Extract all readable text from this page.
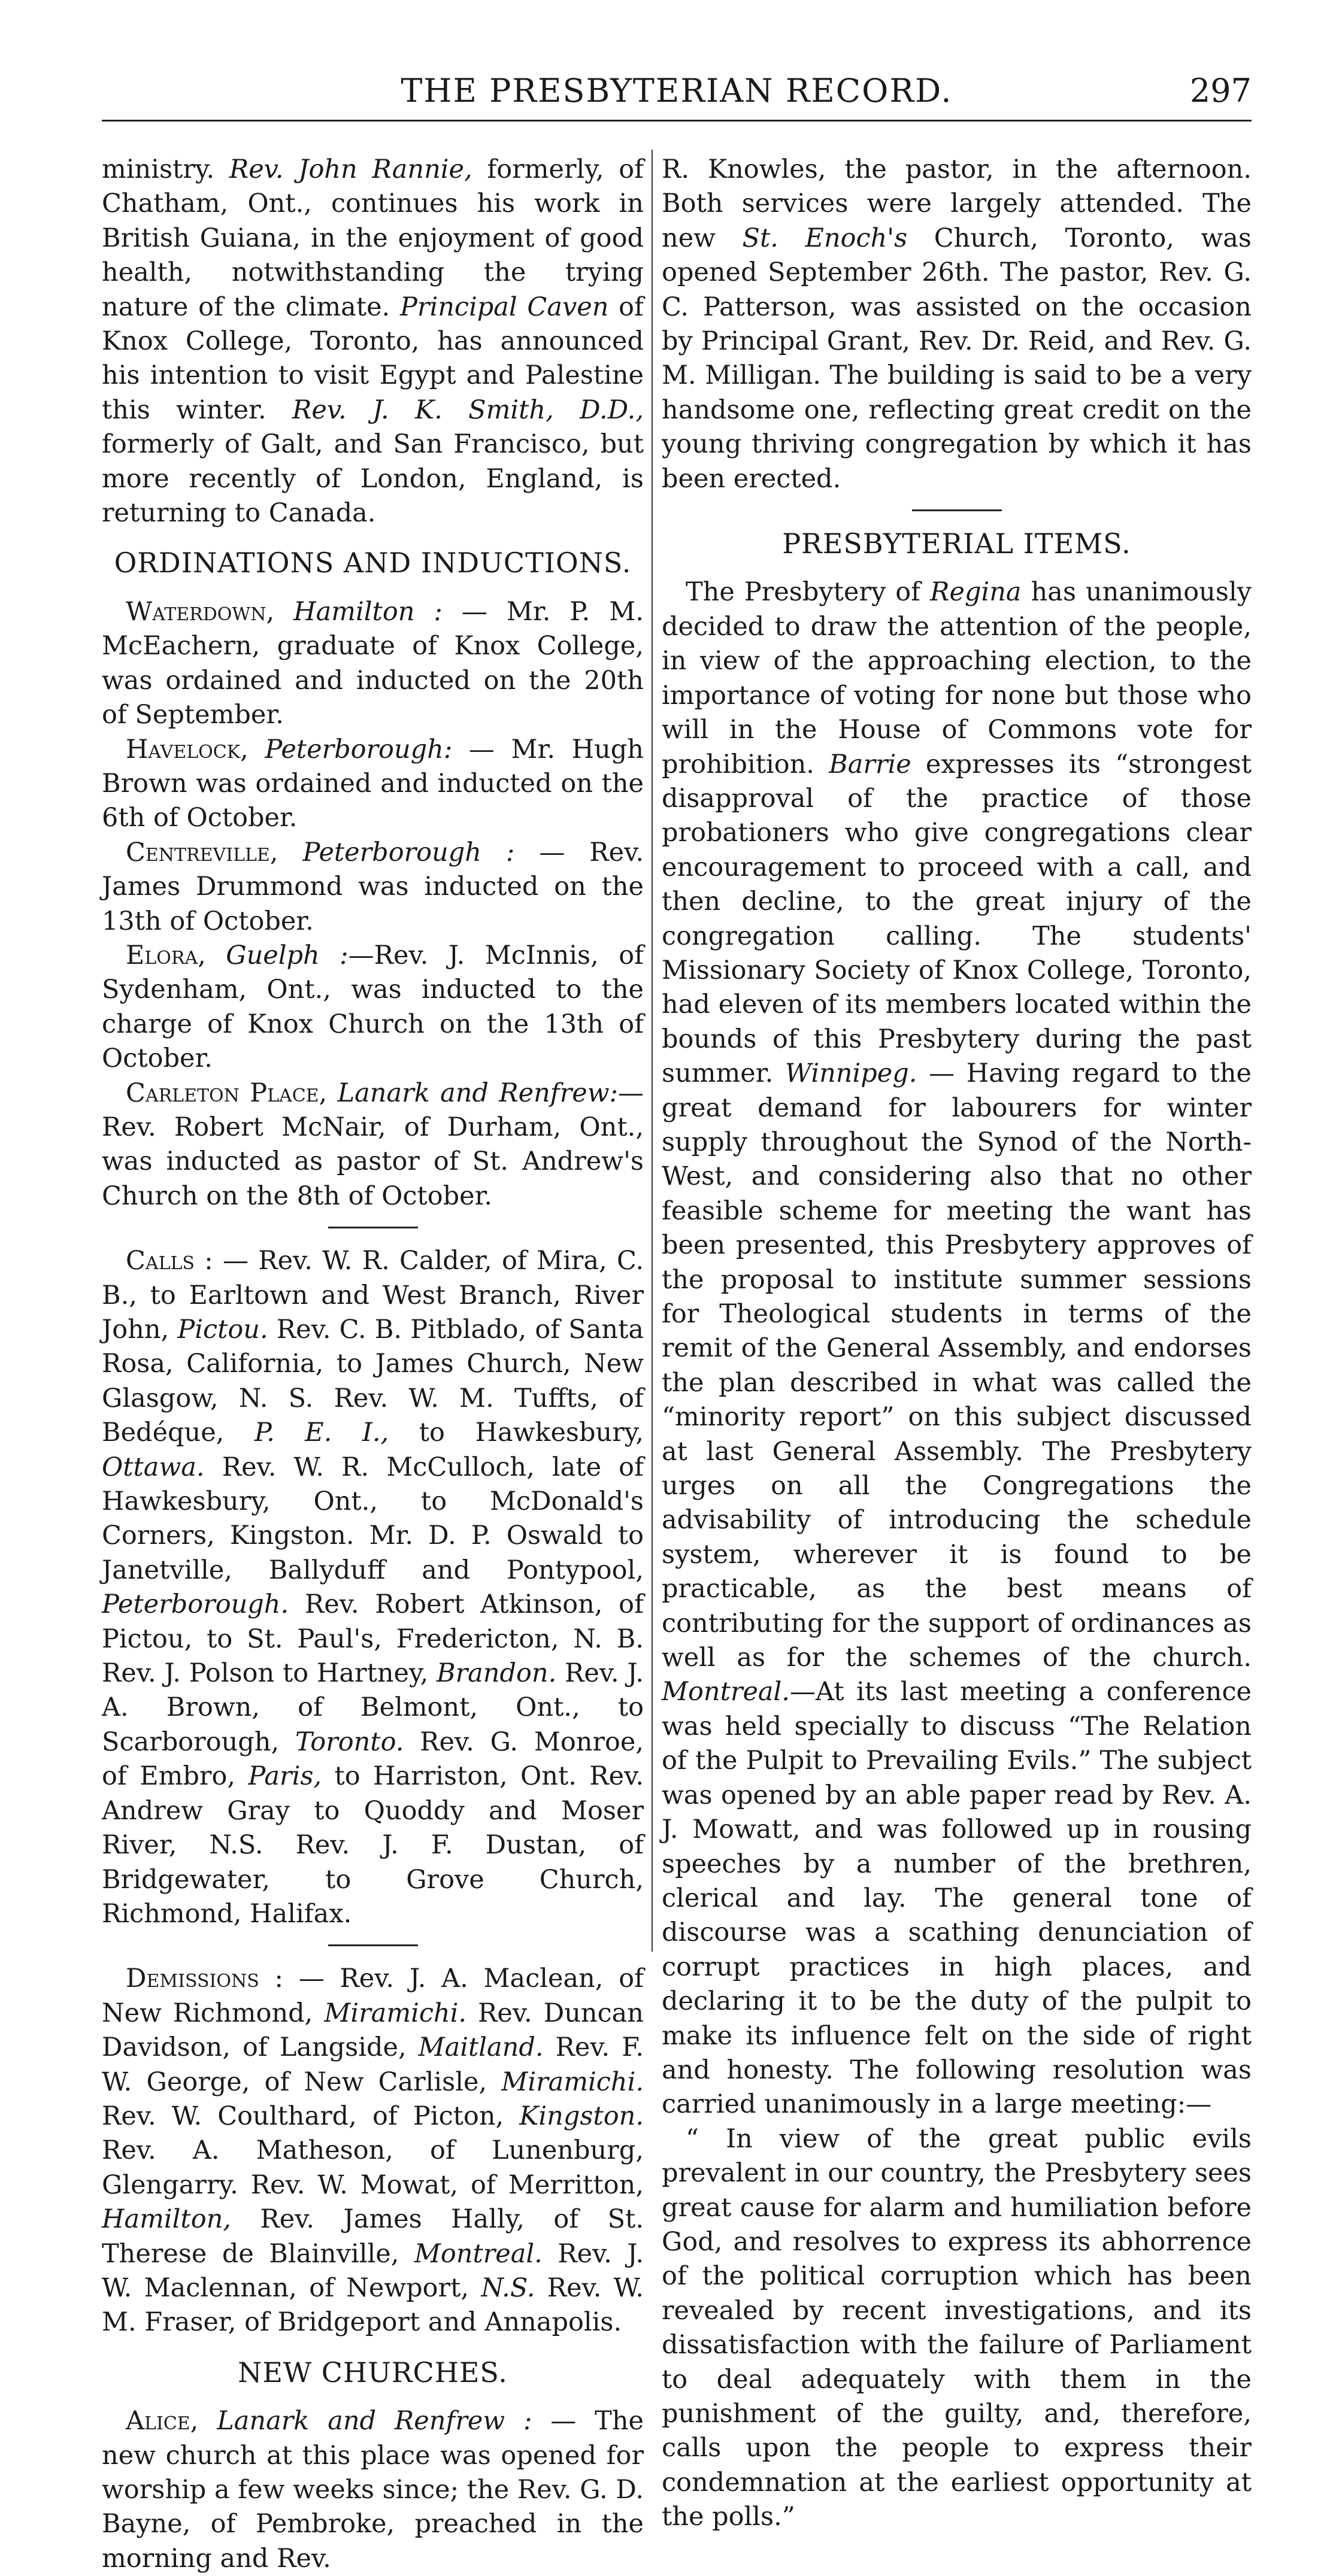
THE PRESBYTERIAN RECORD.	297

ministry. Rev. John Rannie, formerly, of Chatham, Ont., continues his work in British Guiana, in the enjoyment of good health, notwithstanding the trying nature of the climate. Principal Caven of Knox College, Toronto, has announced his intention to visit Egypt and Palestine this winter. Rev. J. K. Smith, D.D., formerly of Galt, and San Francisco, but more recently of London, England, is returning to Canada.

ORDINATIONS AND INDUCTIONS.

Waterdown, Hamilton : — Mr. P. M. McEachern, graduate of Knox College, was ordained and inducted on the 20th of September.

Havelock, Peterborough: — Mr. Hugh Brown was ordained and inducted on the 6th of October.

Centreville, Peterborough : — Rev. James Drummond was inducted on the 13th of October.

Elora, Guelph :—Rev. J. McInnis, of Sydenham, Ont., was inducted to the charge of Knox Church on the 13th of October.

Carleton Place, Lanark and Renfrew:—Rev. Robert McNair, of Durham, Ont., was inducted as pastor of St. Andrew's Church on the 8th of October.

Calls : — Rev. W. R. Calder, of Mira, C. B., to Earltown and West Branch, River John, Pictou. Rev. C. B. Pitblado, of Santa Rosa, California, to James Church, New Glasgow, N. S. Rev. W. M. Tuffts, of Bedéque, P. E. I., to Hawkesbury, Ottawa. Rev. W. R. McCulloch, late of Hawkesbury, Ont., to McDonald's Corners, Kingston. Mr. D. P. Oswald to Janetville, Ballyduff and Pontypool, Peterborough. Rev. Robert Atkinson, of Pictou, to St. Paul's, Fredericton, N. B. Rev. J. Polson to Hartney, Brandon. Rev. J. A. Brown, of Belmont, Ont., to Scarborough, Toronto. Rev. G. Monroe, of Embro, Paris, to Harriston, Ont. Rev. Andrew Gray to Quoddy and Moser River, N.S. Rev. J. F. Dustan, of Bridgewater, to Grove Church, Richmond, Halifax.

Demissions : — Rev. J. A. Maclean, of New Richmond, Miramichi. Rev. Duncan Davidson, of Langside, Maitland. Rev. F. W. George, of New Carlisle, Miramichi. Rev. W. Coulthard, of Picton, Kingston. Rev. A. Matheson, of Lunenburg, Glengarry. Rev. W. Mowat, of Merritton, Hamilton, Rev. James Hally, of St. Therese de Blainville, Montreal. Rev. J. W. Maclennan, of Newport, N.S. Rev. W. M. Fraser, of Bridgeport and Annapolis.

NEW CHURCHES.

Alice, Lanark and Renfrew : — The new church at this place was opened for worship a few weeks since; the Rev. G. D. Bayne, of Pembroke, preached in the morning and Rev.

R. Knowles, the pastor, in the afternoon. Both services were largely attended. The new St. Enoch's Church, Toronto, was opened September 26th. The pastor, Rev. G. C. Patterson, was assisted on the occasion by Principal Grant, Rev. Dr. Reid, and Rev. G. M. Milligan. The building is said to be a very handsome one, reflecting great credit on the young thriving congregation by which it has been erected.

PRESBYTERIAL ITEMS.

The Presbytery of Regina has unanimously decided to draw the attention of the people, in view of the approaching election, to the importance of voting for none but those who will in the House of Commons vote for prohibition. Barrie expresses its “strongest disapproval of the practice of those probationers who give congregations clear encouragement to proceed with a call, and then decline, to the great injury of the congregation calling. The students' Missionary Society of Knox College, Toronto, had eleven of its members located within the bounds of this Presbytery during the past summer. Winnipeg. — Having regard to the great demand for labourers for winter supply throughout the Synod of the North-West, and considering also that no other feasible scheme for meeting the want has been presented, this Presbytery approves of the proposal to institute summer sessions for Theological students in terms of the remit of the General Assembly, and endorses the plan described in what was called the “minority report” on this subject discussed at last General Assembly. The Presbytery urges on all the Congregations the advisability of introducing the schedule system, wherever it is found to be practicable, as the best means of contributing for the support of ordinances as well as for the schemes of the church. Montreal.—At its last meeting a conference was held specially to discuss “The Relation of the Pulpit to Prevailing Evils.” The subject was opened by an able paper read by Rev. A. J. Mowatt, and was followed up in rousing speeches by a number of the brethren, clerical and lay. The general tone of discourse was a scathing denunciation of corrupt practices in high places, and declaring it to be the duty of the pulpit to make its influence felt on the side of right and honesty. The following resolution was carried unanimously in a large meeting:—

“ In view of the great public evils prevalent in our country, the Presbytery sees great cause for alarm and humiliation before God, and resolves to express its abhorrence of the political corruption which has been revealed by recent investigations, and its dissatisfaction with the failure of Parliament to deal adequately with them in the punishment of the guilty, and, therefore, calls upon the people to express their condemnation at the earliest opportunity at the polls.”
